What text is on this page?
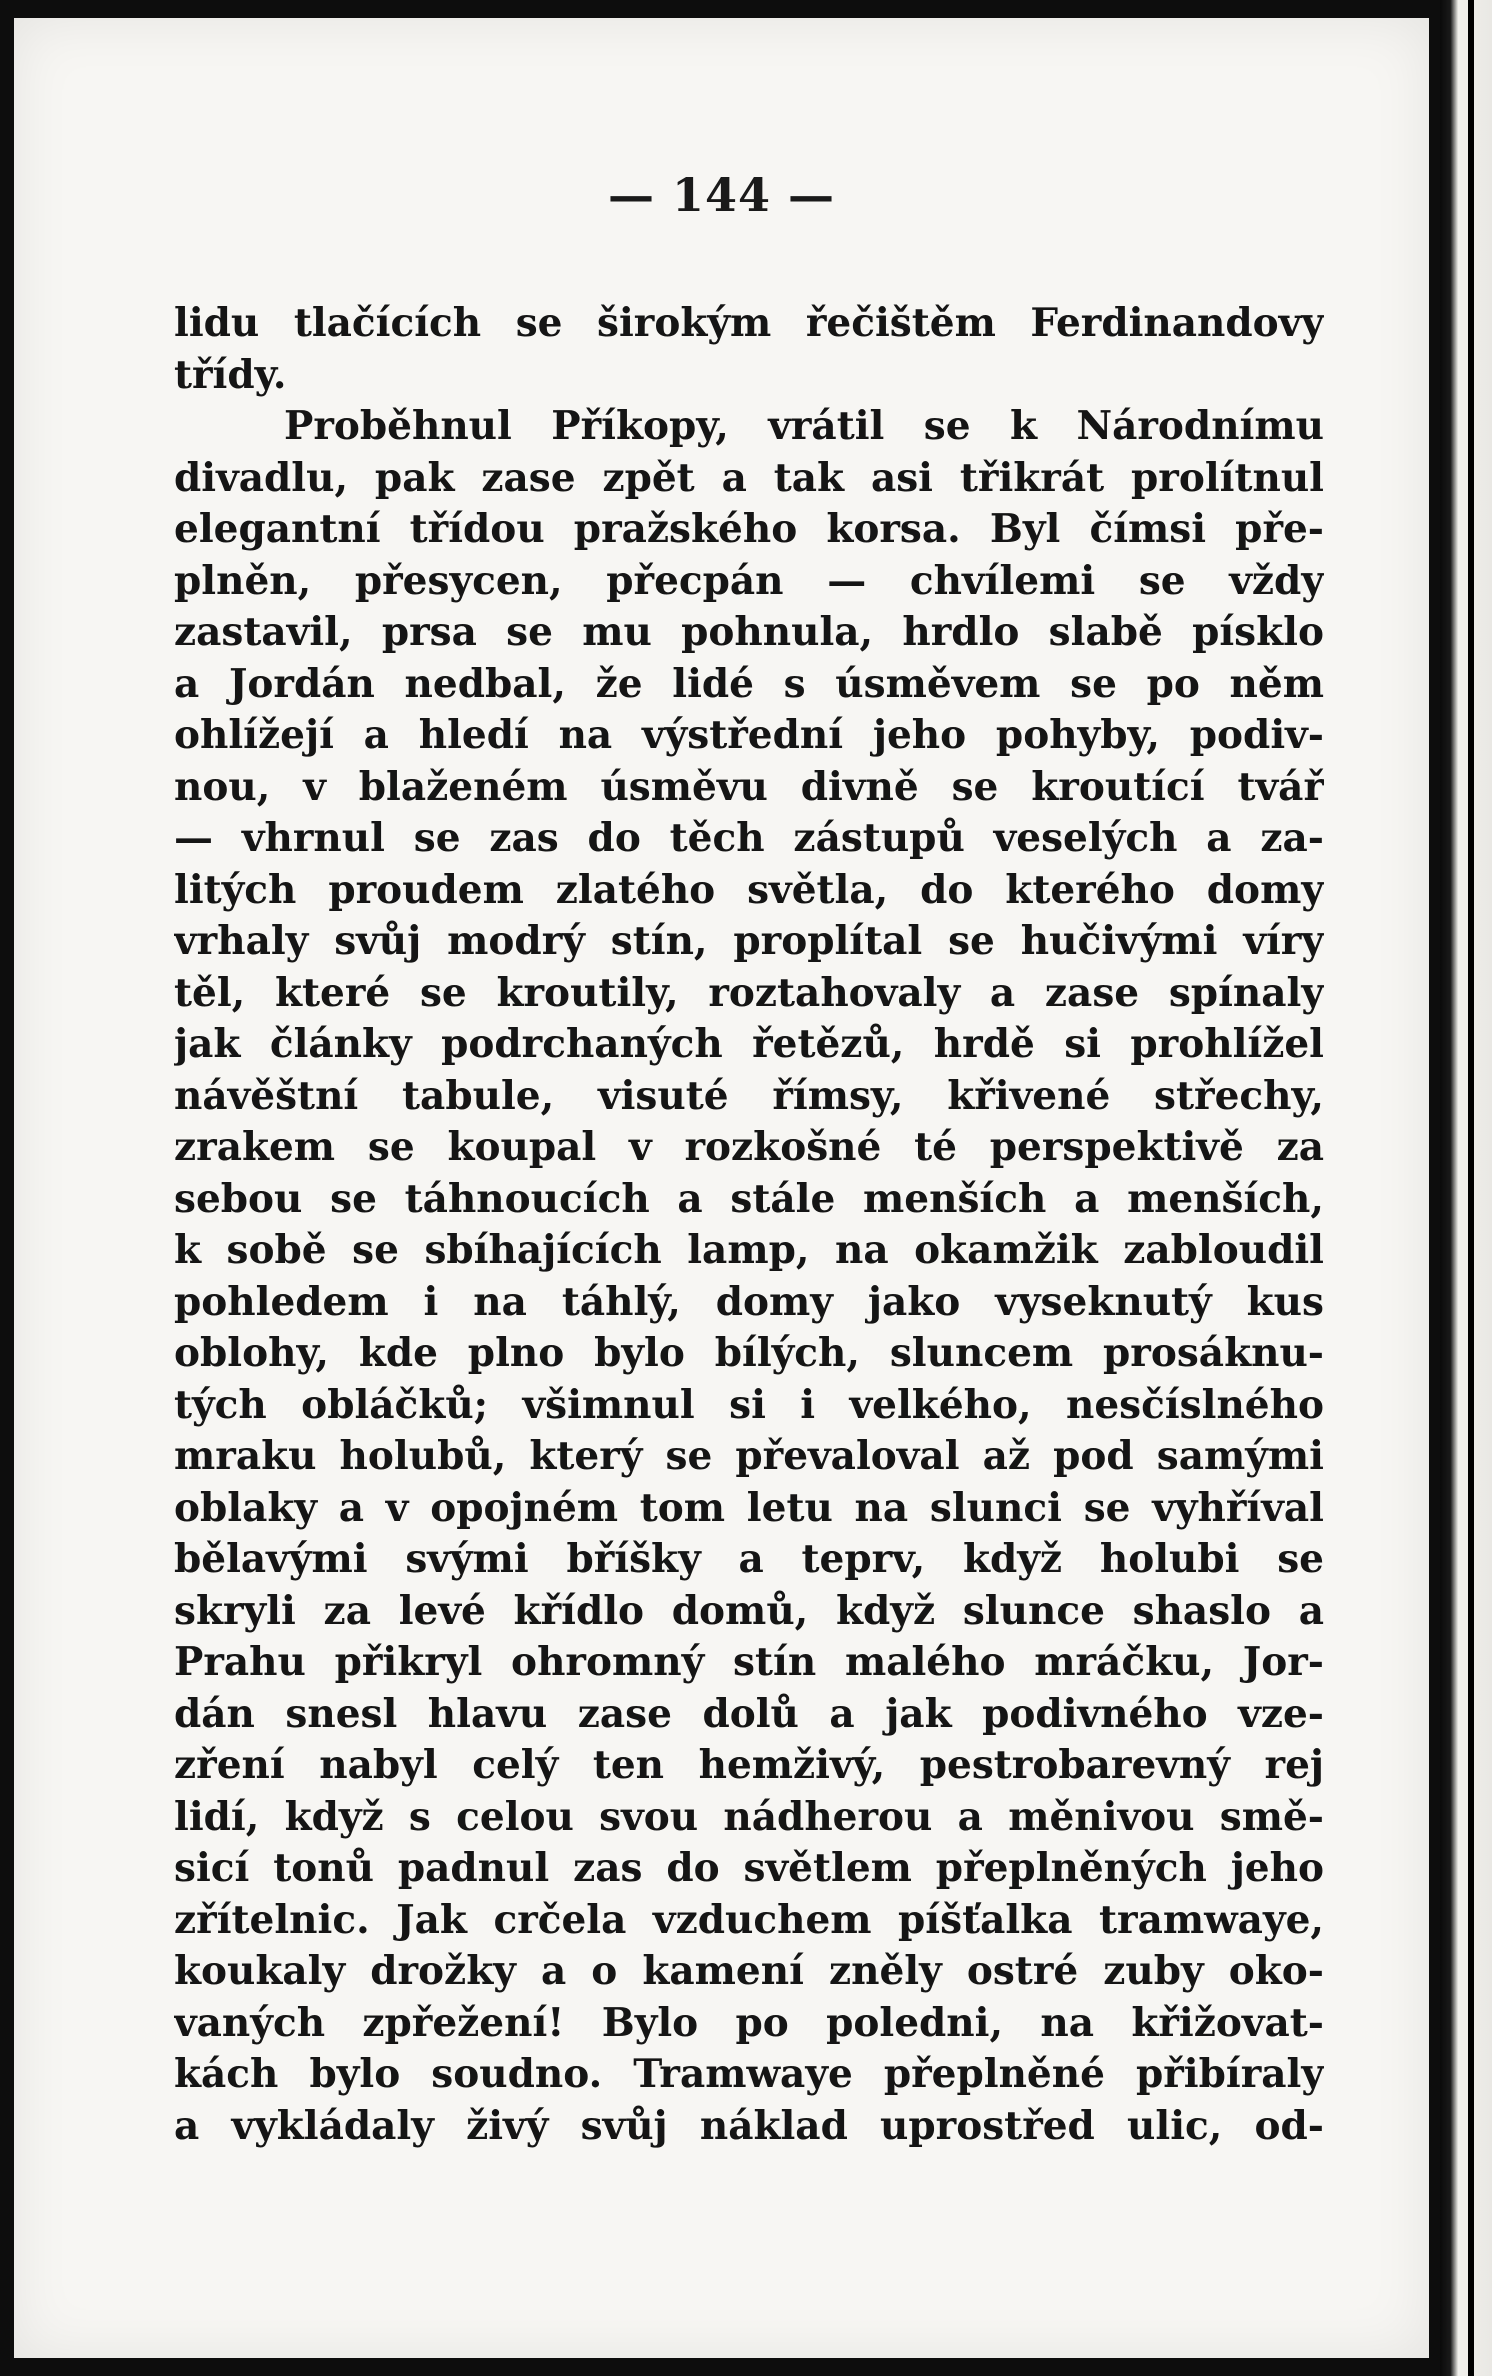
— 144 —
lidu tlačících se širokým řečištěm Ferdinandovy
třídy.
Proběhnul Příkopy, vrátil se k Národnímu
divadlu, pak zase zpět a tak asi třikrát prolítnul
elegantní třídou pražského korsa. Byl čímsi pře-
plněn, přesycen, přecpán — chvílemi se vždy
zastavil, prsa se mu pohnula, hrdlo slabě písklo
a Jordán nedbal, že lidé s úsměvem se po něm
ohlížejí a hledí na výstřední jeho pohyby, podiv-
nou, v blaženém úsměvu divně se kroutící tvář
— vhrnul se zas do těch zástupů veselých a za-
litých proudem zlatého světla, do kterého domy
vrhaly svůj modrý stín, proplítal se hučivými víry
těl, které se kroutily, roztahovaly a zase spínaly
jak články podrchaných řetězů, hrdě si prohlížel
návěštní tabule, visuté římsy, křivené střechy,
zrakem se koupal v rozkošné té perspektivě za
sebou se táhnoucích a stále menších a menších,
k sobě se sbíhajících lamp, na okamžik zabloudil
pohledem i na táhlý, domy jako vyseknutý kus
oblohy, kde plno bylo bílých, sluncem prosáknu-
tých obláčků; všimnul si i velkého, nesčíslného
mraku holubů, který se převaloval až pod samými
oblaky a v opojném tom letu na slunci se vyhříval
bělavými svými bříšky a teprv, když holubi se
skryli za levé křídlo domů, když slunce shaslo a
Prahu přikryl ohromný stín malého mráčku, Jor-
dán snesl hlavu zase dolů a jak podivného vze-
zření nabyl celý ten hemživý, pestrobarevný rej
lidí, když s celou svou nádherou a měnivou smě-
sicí tonů padnul zas do světlem přeplněných jeho
zřítelnic. Jak crčela vzduchem píšťalka tramwaye,
koukaly drožky a o kamení zněly ostré zuby oko-
vaných zpřežení! Bylo po poledni, na křižovat-
kách bylo soudno. Tramwaye přeplněné přibíraly
a vykládaly živý svůj náklad uprostřed ulic, od-
